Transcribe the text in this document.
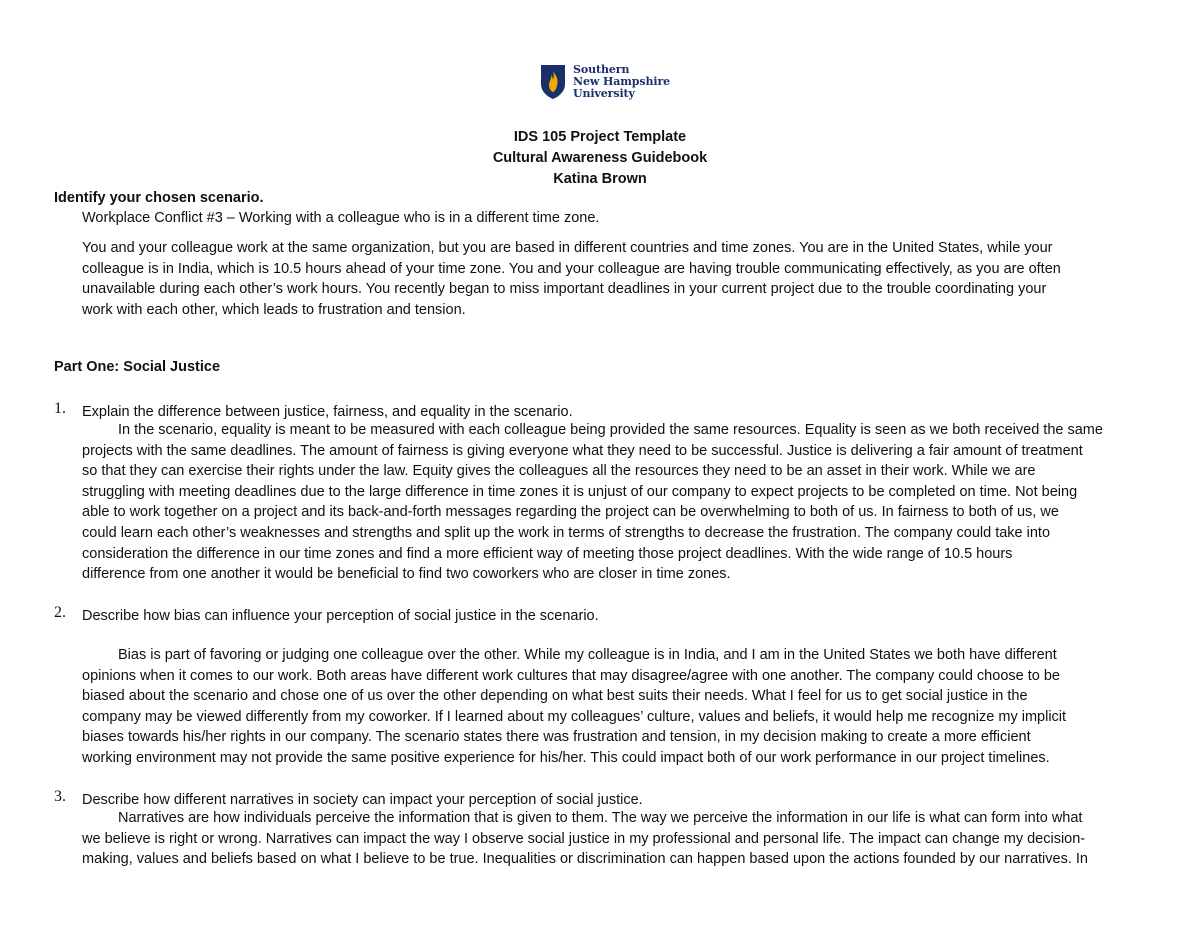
Southern
New Hampshire
University
IDS 105 Project Template
Cultural Awareness Guidebook
Katina Brown
Identify your chosen scenario.
Workplace Conflict #3 – Working with a colleague who is in a different time zone.
You and your colleague work at the same organization, but you are based in different countries and time zones. You are in the United States, while your
colleague is in India, which is 10.5 hours ahead of your time zone. You and your colleague are having trouble communicating effectively, as you are often
unavailable during each other’s work hours. You recently began to miss important deadlines in your current project due to the trouble coordinating your
work with each other, which leads to frustration and tension.
Part One: Social Justice
1. Explain the difference between justice, fairness, and equality in the scenario.
In the scenario, equality is meant to be measured with each colleague being provided the same resources. Equality is seen as we both received the same
projects with the same deadlines. The amount of fairness is giving everyone what they need to be successful. Justice is delivering a fair amount of treatment
so that they can exercise their rights under the law. Equity gives the colleagues all the resources they need to be an asset in their work. While we are
struggling with meeting deadlines due to the large difference in time zones it is unjust of our company to expect projects to be completed on time. Not being
able to work together on a project and its back-and-forth messages regarding the project can be overwhelming to both of us. In fairness to both of us, we
could learn each other’s weaknesses and strengths and split up the work in terms of strengths to decrease the frustration. The company could take into
consideration the difference in our time zones and find a more efficient way of meeting those project deadlines. With the wide range of 10.5 hours
difference from one another it would be beneficial to find two coworkers who are closer in time zones.
2. Describe how bias can influence your perception of social justice in the scenario.
Bias is part of favoring or judging one colleague over the other. While my colleague is in India, and I am in the United States we both have different
opinions when it comes to our work. Both areas have different work cultures that may disagree/agree with one another. The company could choose to be
biased about the scenario and chose one of us over the other depending on what best suits their needs. What I feel for us to get social justice in the
company may be viewed differently from my coworker. If I learned about my colleagues’ culture, values and beliefs, it would help me recognize my implicit
biases towards his/her rights in our company. The scenario states there was frustration and tension, in my decision making to create a more efficient
working environment may not provide the same positive experience for his/her. This could impact both of our work performance in our project timelines.
3. Describe how different narratives in society can impact your perception of social justice.
Narratives are how individuals perceive the information that is given to them. The way we perceive the information in our life is what can form into what
we believe is right or wrong. Narratives can impact the way I observe social justice in my professional and personal life. The impact can change my decision-
making, values and beliefs based on what I believe to be true. Inequalities or discrimination can happen based upon the actions founded by our narratives. In
